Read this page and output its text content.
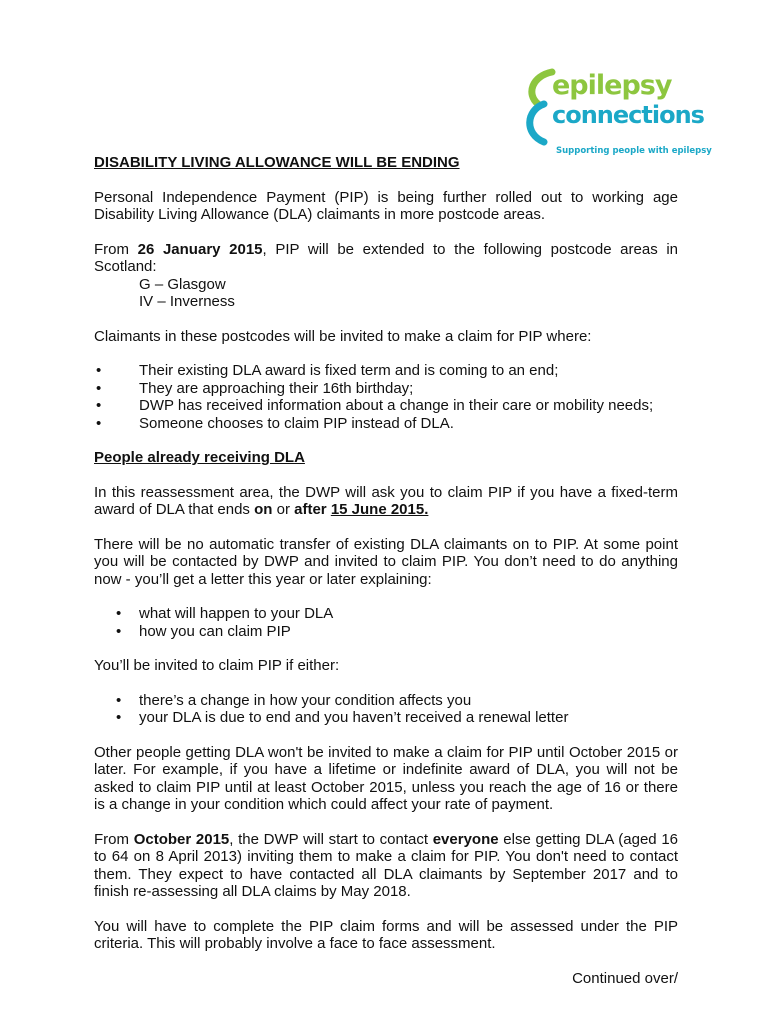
epilepsy
connections
Supporting people with epilepsy

DISABILITY LIVING ALLOWANCE WILL BE ENDING

Personal Independence Payment (PIP) is being further rolled out to working age Disability Living Allowance (DLA) claimants in more postcode areas.

From 26 January 2015, PIP will be extended to the following postcode areas in Scotland:

G – Glasgow
IV – Inverness

Claimants in these postcodes will be invited to make a claim for PIP where:

• Their existing DLA award is fixed term and is coming to an end;
• They are approaching their 16th birthday;
• DWP has received information about a change in their care or mobility needs;
• Someone chooses to claim PIP instead of DLA.

People already receiving DLA

In this reassessment area, the DWP will ask you to claim PIP if you have a fixed-term award of DLA that ends on or after 15 June 2015.

There will be no automatic transfer of existing DLA claimants on to PIP. At some point you will be contacted by DWP and invited to claim PIP. You don’t need to do anything now - you’ll get a letter this year or later explaining:

• what will happen to your DLA
• how you can claim PIP

You’ll be invited to claim PIP if either:

• there’s a change in how your condition affects you
• your DLA is due to end and you haven’t received a renewal letter

Other people getting DLA won't be invited to make a claim for PIP until October 2015 or later. For example, if you have a lifetime or indefinite award of DLA, you will not be asked to claim PIP until at least October 2015, unless you reach the age of 16 or there is a change in your condition which could affect your rate of payment.

From October 2015, the DWP will start to contact everyone else getting DLA (aged 16 to 64 on 8 April 2013) inviting them to make a claim for PIP. You don't need to contact them. They expect to have contacted all DLA claimants by September 2017 and to finish re-assessing all DLA claims by May 2018.

You will have to complete the PIP claim forms and will be assessed under the PIP criteria. This will probably involve a face to face assessment.

Continued over/
